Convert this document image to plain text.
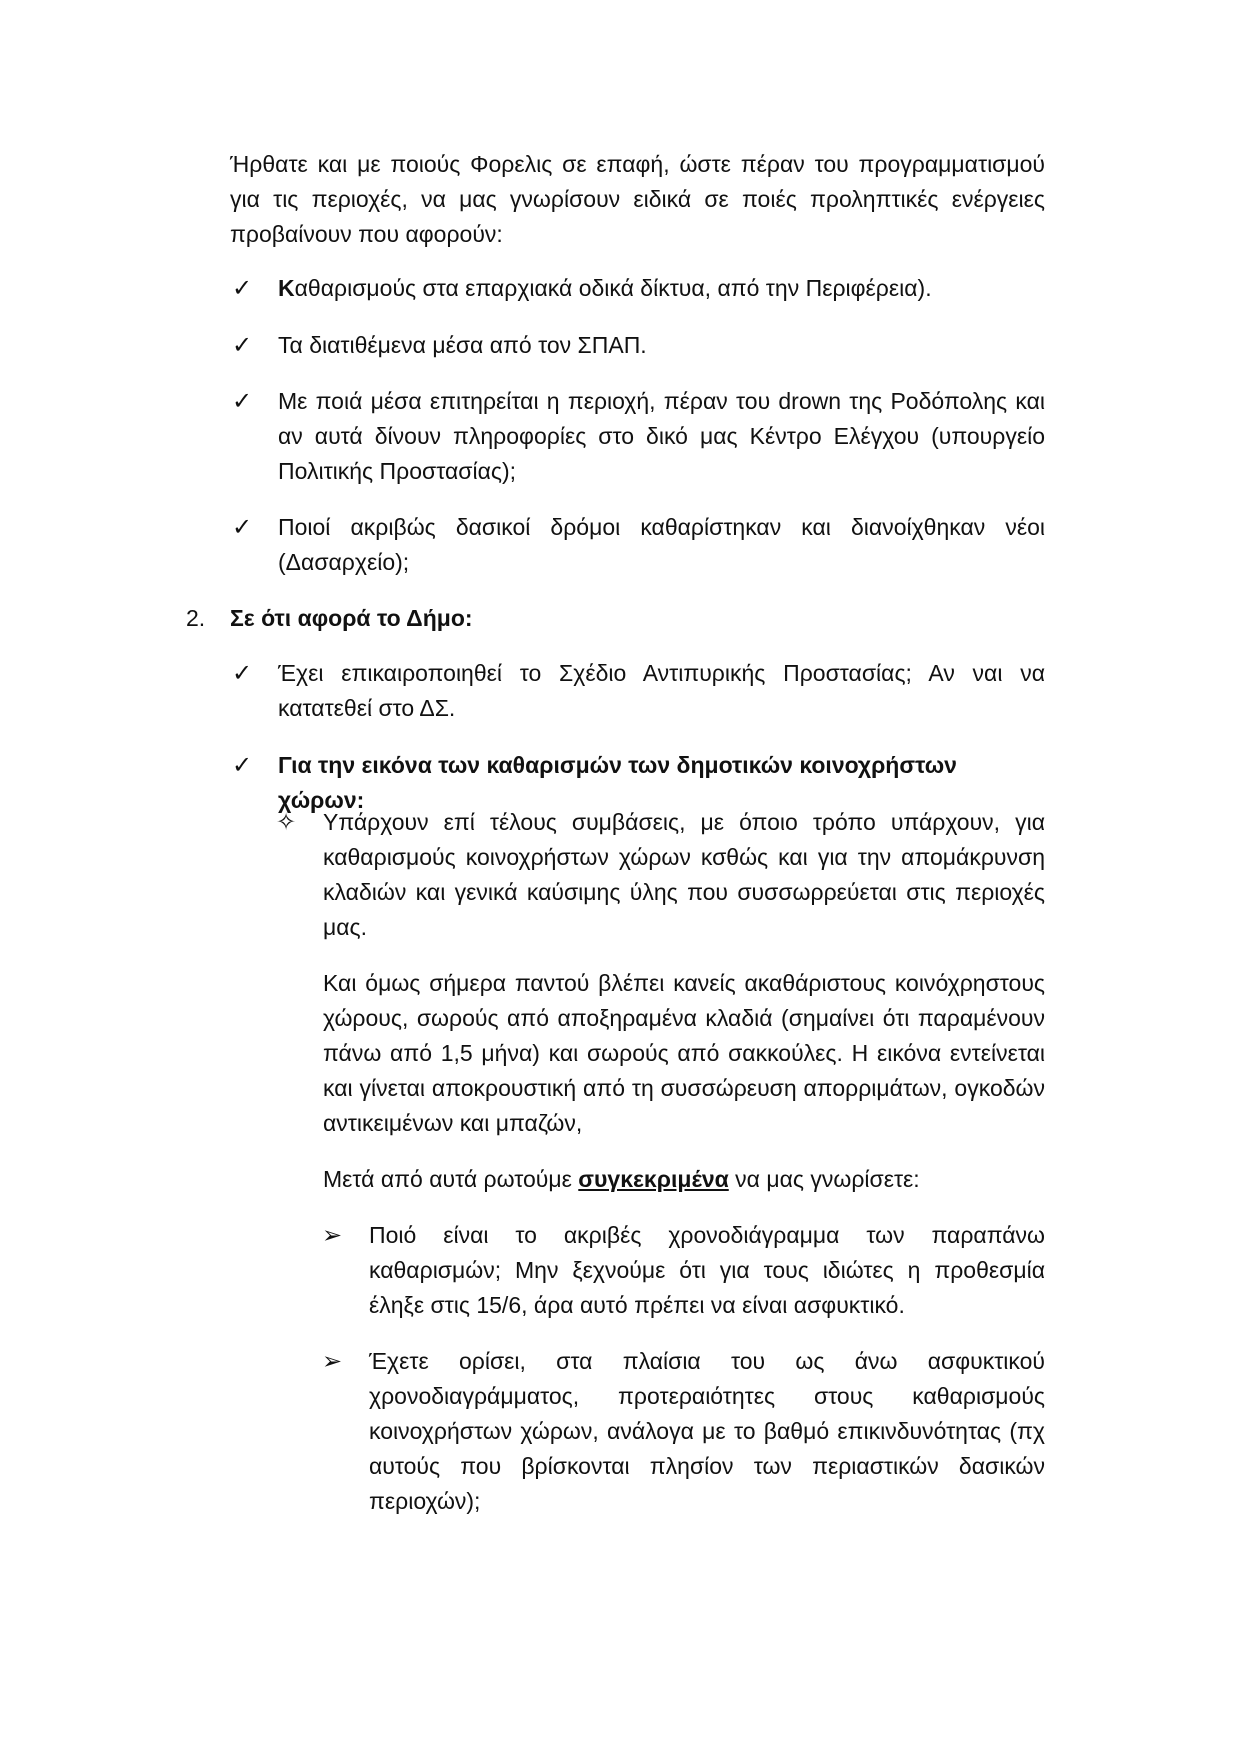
Ήρθατε και με ποιούς Φορελις σε επαφή, ώστε πέραν του προγραμματισμού για τις περιοχές, να μας γνωρίσουν ειδικά σε ποιές προληπτικές ενέργειες προβαίνουν που αφορούν:
✓ Καθαρισμούς στα επαρχιακά οδικά δίκτυα, από την Περιφέρεια).
✓ Τα διατιθέμενα μέσα από τον ΣΠΑΠ.
✓ Με ποιά μέσα επιτηρείται η περιοχή, πέραν του drown της Ροδόπολης και αν αυτά δίνουν πληροφορίες στο δικό μας Κέντρο Ελέγχου (υπουργείο Πολιτικής Προστασίας);
✓ Ποιοί ακριβώς δασικοί δρόμοι καθαρίστηκαν και διανοίχθηκαν νέοι (Δασαρχείο);
2. Σε ότι αφορά το Δήμο:
✓ Έχει επικαιροποιηθεί το Σχέδιο Αντιπυρικής Προστασίας; Αν ναι να κατατεθεί στο ΔΣ.
✓ Για την εικόνα των καθαρισμών των δημοτικών κοινοχρήστων χώρων:
✧ Υπάρχουν επί τέλους συμβάσεις, με όποιο τρόπο υπάρχουν, για καθαρισμούς κοινοχρήστων χώρων κσθώς και για την απομάκρυνση κλαδιών και γενικά καύσιμης ύλης που συσσωρρεύεται στις περιοχές μας.
Και όμως σήμερα παντού βλέπει κανείς ακαθάριστους κοινόχρηστους χώρους, σωρούς από αποξηραμένα κλαδιά (σημαίνει ότι παραμένουν πάνω από 1,5 μήνα) και σωρούς από σακκούλες. Η εικόνα εντείνεται και γίνεται αποκρουστική από τη συσσώρευση απορριμάτων, ογκοδών αντικειμένων και μπαζών,
Μετά από αυτά ρωτούμε συγκεκριμένα να μας γνωρίσετε:
➢ Ποιό είναι το ακριβές χρονοδιάγραμμα των παραπάνω καθαρισμών; Μην ξεχνούμε ότι για τους ιδιώτες η προθεσμία έληξε στις 15/6, άρα αυτό πρέπει να είναι ασφυκτικό.
➢ Έχετε ορίσει, στα πλαίσια του ως άνω ασφυκτικού χρονοδιαγράμματος, προτεραιότητες στους καθαρισμούς κοινοχρήστων χώρων, ανάλογα με το βαθμό επικινδυνότητας (πχ αυτούς που βρίσκονται πλησίον των περιαστικών δασικών περιοχών);
